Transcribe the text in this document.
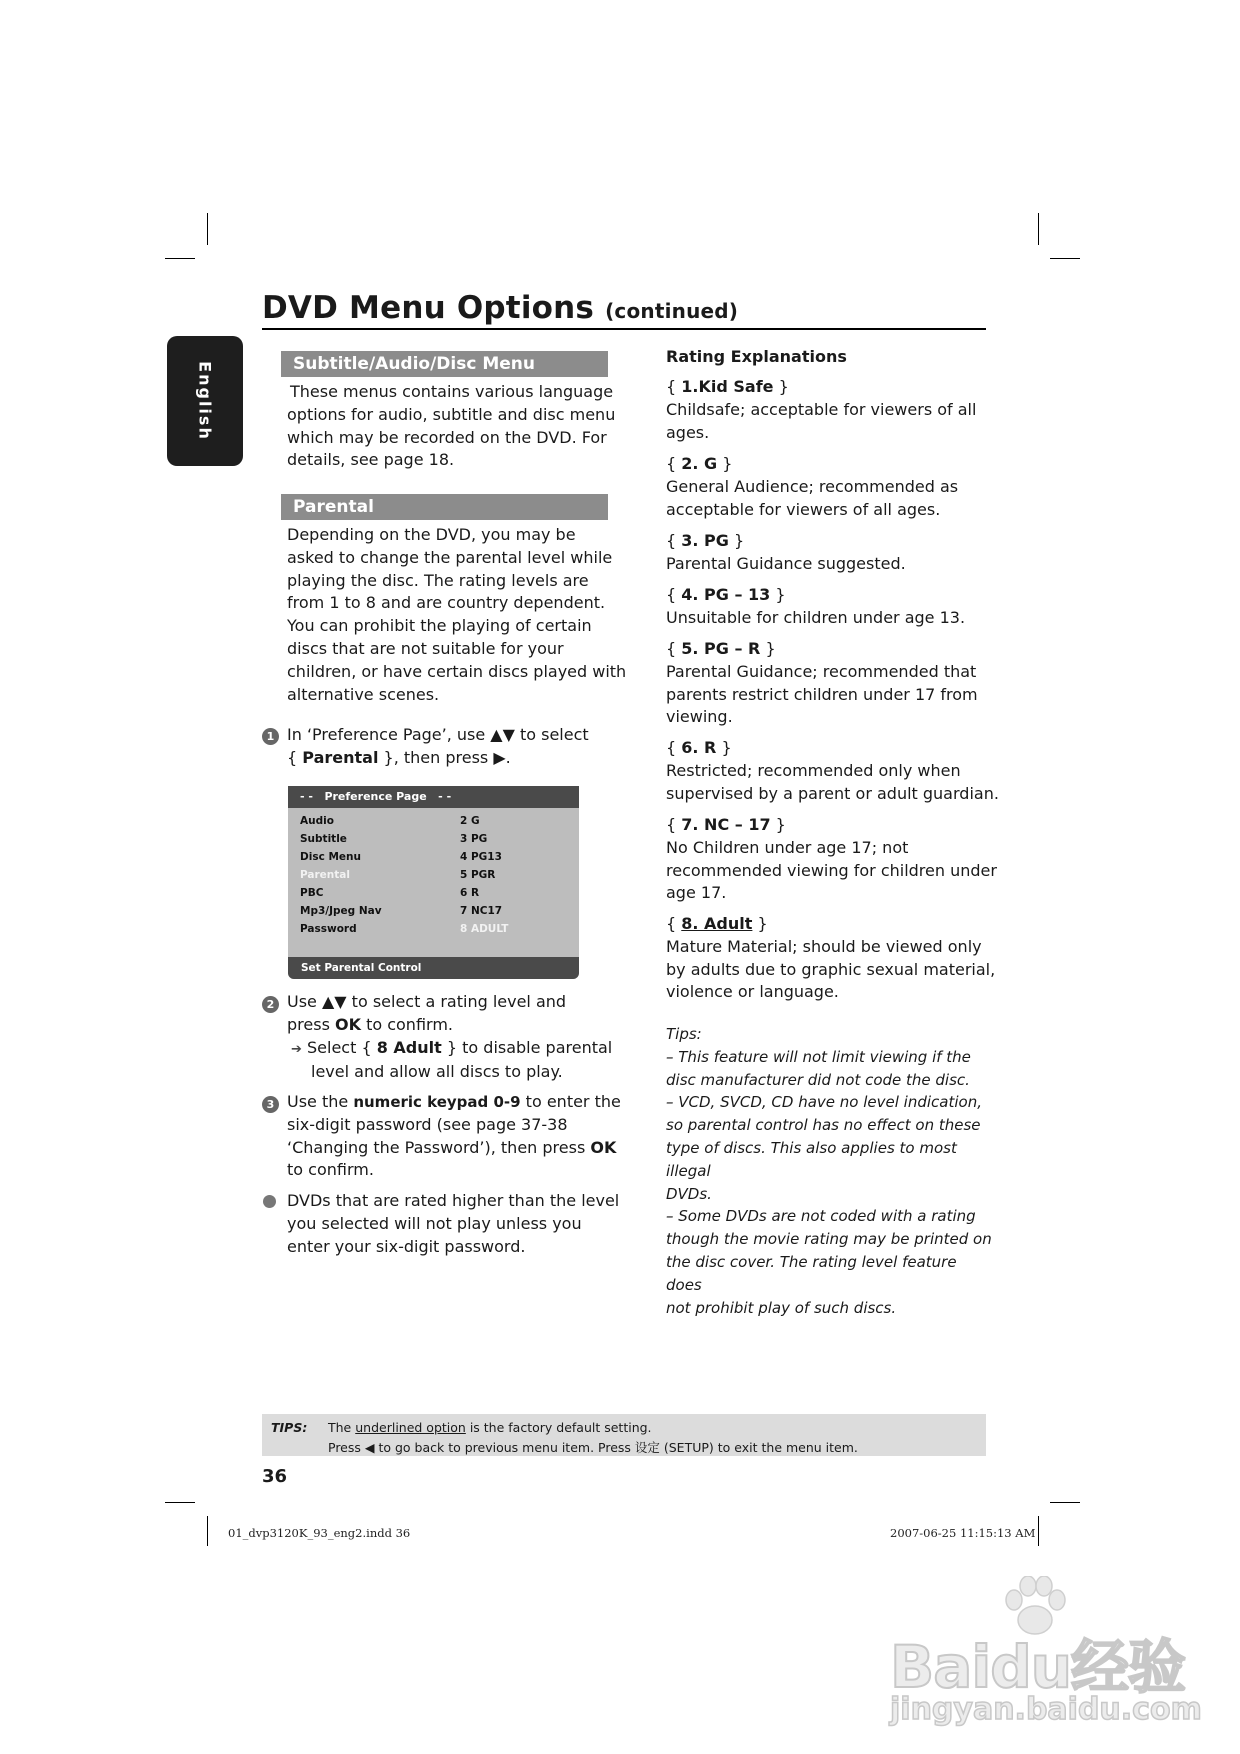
DVD Menu Options (continued)
English	Subtitle/Audio/Disc Menu
These menus contains various language
options for audio, subtitle and disc menu
which may be recorded on the DVD. For
details, see page 18.
Parental
Depending on the DVD, you may be
asked to change the parental level while
playing the disc. The rating levels are
from 1 to 8 and are country dependent.
You can prohibit the playing of certain
discs that are not suitable for your
children, or have certain discs played with
alternative scenes.
1 In ‘Preference Page’, use ▲▼ to select
{ Parental }, then press ▶.
- -   Preference Page   - -
Audio
Subtitle
Disc Menu
Parental
PBC
Mp3/Jpeg Nav
Password
2 G
3 PG
4 PG13
5 PGR
6 R
7 NC17
8 ADULT
Set Parental Control
2 Use ▲▼ to select a rating level and
press OK to confirm.
➔ Select { 8 Adult } to disable parental
level and allow all discs to play.
3 Use the numeric keypad 0-9 to enter the
six-digit password (see page 37-38
‘Changing the Password’), then press OK
to confirm.
DVDs that are rated higher than the level
you selected will not play unless you
enter your six-digit password.
Rating Explanations
{ 1.Kid Safe }
Childsafe; acceptable for viewers of all
ages.
{ 2. G }
General Audience; recommended as
acceptable for viewers of all ages.
{ 3. PG }
Parental Guidance suggested.
{ 4. PG – 13 }
Unsuitable for children under age 13.
{ 5. PG – R }
Parental Guidance; recommended that
parents restrict children under 17 from
viewing.
{ 6. R }
Restricted; recommended only when
supervised by a parent or adult guardian.
{ 7. NC – 17 }
No Children under age 17; not
recommended viewing for children under
age 17.
{ 8. Adult }
Mature Material; should be viewed only
by adults due to graphic sexual material,
violence or language.
Tips:
– This feature will not limit viewing if the
disc manufacturer did not code the disc.
– VCD, SVCD, CD have no level indication,
so parental control has no effect on these
type of discs. This also applies to most illegal
DVDs.
– Some DVDs are not coded with a rating
though the movie rating may be printed on
the disc cover. The rating level feature does
not prohibit play of such discs.
TIPS: The underlined option is the factory default setting.
Press ◀ to go back to previous menu item. Press 设定 (SETUP) to exit the menu item.
36
01_dvp3120K_93_eng2.indd 36	2007-06-25 11:15:13 AM
Baidu经验
jingyan.baidu.com
